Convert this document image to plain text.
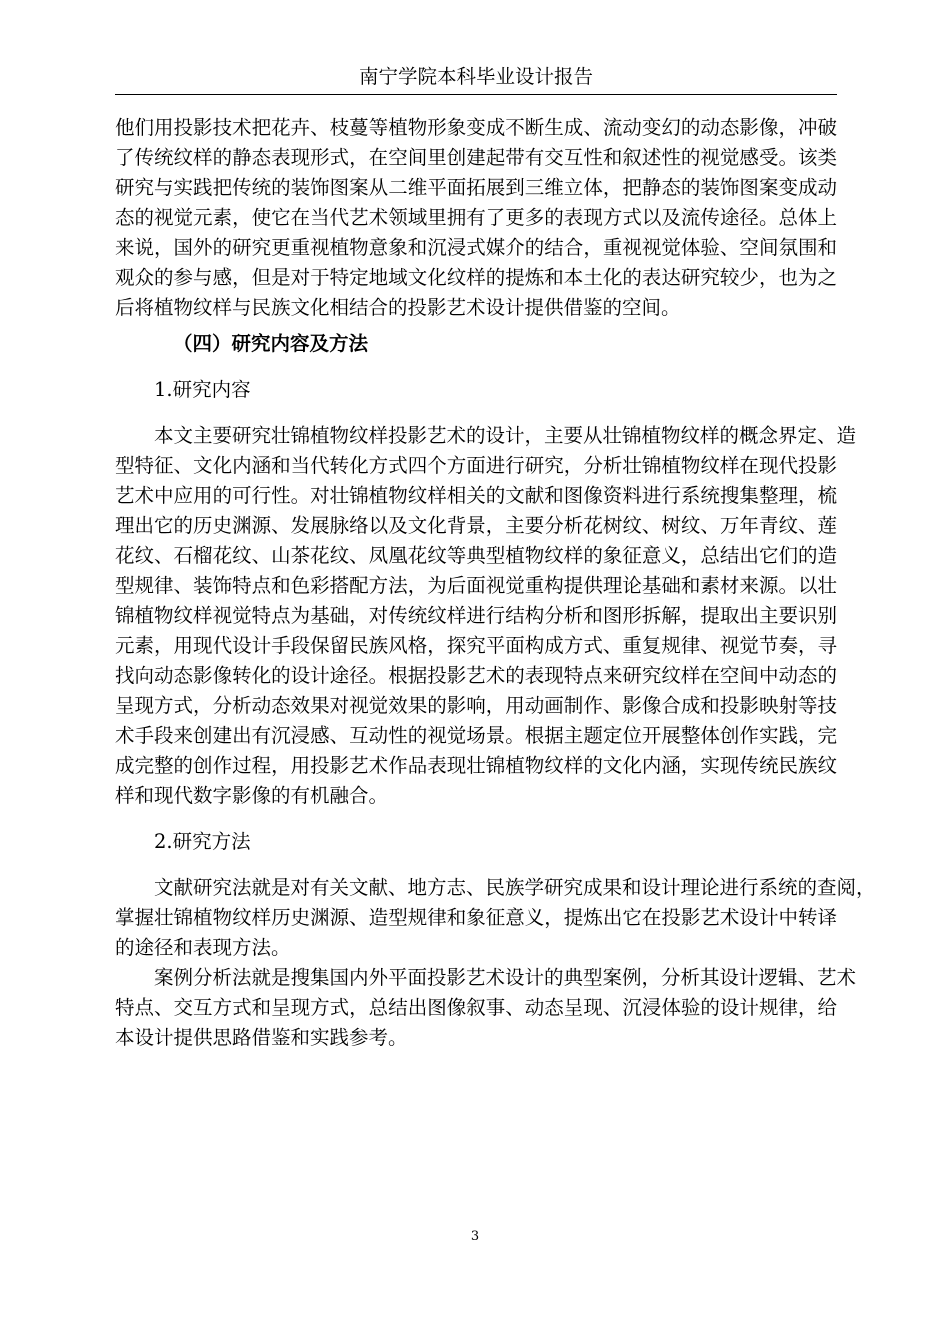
南宁学院本科毕业设计报告
他们用投影技术把花卉、枝蔓等植物形象变成不断生成、流动变幻的动态影像，冲破
了传统纹样的静态表现形式，在空间里创建起带有交互性和叙述性的视觉感受。该类
研究与实践把传统的装饰图案从二维平面拓展到三维立体，把静态的装饰图案变成动
态的视觉元素，使它在当代艺术领域里拥有了更多的表现方式以及流传途径。总体上
来说，国外的研究更重视植物意象和沉浸式媒介的结合，重视视觉体验、空间氛围和
观众的参与感，但是对于特定地域文化纹样的提炼和本土化的表达研究较少，也为之
后将植物纹样与民族文化相结合的投影艺术设计提供借鉴的空间。
（四）研究内容及方法
1.研究内容
本文主要研究壮锦植物纹样投影艺术的设计，主要从壮锦植物纹样的概念界定、造
型特征、文化内涵和当代转化方式四个方面进行研究，分析壮锦植物纹样在现代投影
艺术中应用的可行性。对壮锦植物纹样相关的文献和图像资料进行系统搜集整理，梳
理出它的历史渊源、发展脉络以及文化背景，主要分析花树纹、树纹、万年青纹、莲
花纹、石榴花纹、山茶花纹、凤凰花纹等典型植物纹样的象征意义，总结出它们的造
型规律、装饰特点和色彩搭配方法，为后面视觉重构提供理论基础和素材来源。以壮
锦植物纹样视觉特点为基础，对传统纹样进行结构分析和图形拆解，提取出主要识别
元素，用现代设计手段保留民族风格，探究平面构成方式、重复规律、视觉节奏，寻
找向动态影像转化的设计途径。根据投影艺术的表现特点来研究纹样在空间中动态的
呈现方式，分析动态效果对视觉效果的影响，用动画制作、影像合成和投影映射等技
术手段来创建出有沉浸感、互动性的视觉场景。根据主题定位开展整体创作实践，完
成完整的创作过程，用投影艺术作品表现壮锦植物纹样的文化内涵，实现传统民族纹
样和现代数字影像的有机融合。
2.研究方法
文献研究法就是对有关文献、地方志、民族学研究成果和设计理论进行系统的查阅，
掌握壮锦植物纹样历史渊源、造型规律和象征意义，提炼出它在投影艺术设计中转译
的途径和表现方法。
案例分析法就是搜集国内外平面投影艺术设计的典型案例，分析其设计逻辑、艺术
特点、交互方式和呈现方式，总结出图像叙事、动态呈现、沉浸体验的设计规律，给
本设计提供思路借鉴和实践参考。
3
